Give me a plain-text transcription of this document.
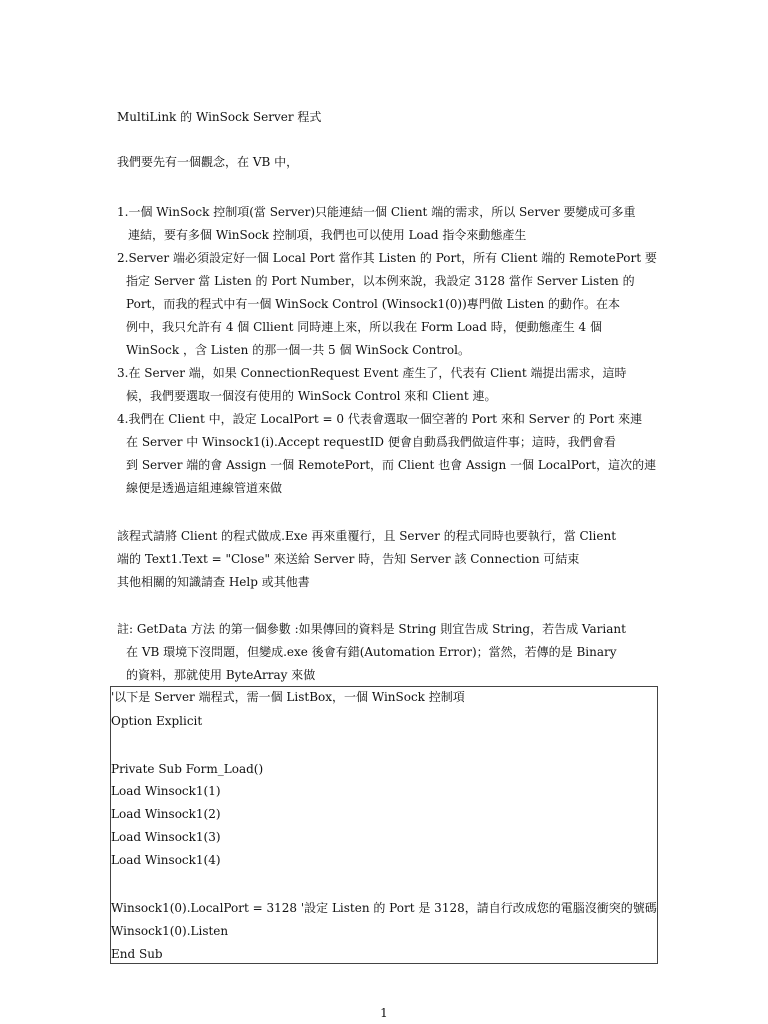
MultiLink 的 WinSock Server 程式
我們要先有一個觀念，在 VB 中，
1.一個 WinSock 控制項(當 Server)只能連結一個 Client 端的需求，所以 Server 要變成可多重
連結，要有多個 WinSock 控制項，我們也可以使用 Load 指令來動態產生
2.Server 端必須設定好一個 Local Port 當作其 Listen 的 Port，所有 Client 端的 RemotePort 要
指定 Server 當 Listen 的 Port Number，以本例來說，我設定 3128 當作 Server Listen 的
Port，而我的程式中有一個 WinSock Control (Winsock1(0))專門做 Listen 的動作。在本
例中，我只允許有 4 個 Cllient 同時連上來，所以我在 Form Load 時，便動態產生 4 個
WinSock ，含 Listen 的那一個一共 5 個 WinSock Control。
3.在 Server 端，如果 ConnectionRequest Event 產生了，代表有 Client 端提出需求，這時
候，我們要選取一個沒有使用的 WinSock Control 來和 Client 連。
4.我們在 Client 中，設定 LocalPort = 0 代表會選取一個空著的 Port 來和 Server 的 Port 來連
在 Server 中 Winsock1(i).Accept requestID 便會自動爲我們做這件事；這時，我們會看
到 Server 端的會 Assign 一個 RemotePort，而 Client 也會 Assign 一個 LocalPort，這次的連
線便是透過這組連線管道來做
該程式請將 Client 的程式做成.Exe 再來重覆行，且 Server 的程式同時也要執行，當 Client
端的 Text1.Text = "Close" 來送給 Server 時，告知 Server 該 Connection 可結束
其他相關的知識請查 Help 或其他書
註: GetData 方法 的第一個參數 :如果傳回的資料是 String 則宜告成 String，若告成 Variant
在 VB 環境下沒問題，但變成.exe 後會有錯(Automation Error)；當然，若傳的是 Binary
的資料，那就使用 ByteArray 來做
'以下是 Server 端程式，需一個 ListBox，一個 WinSock 控制項
Option Explicit
Private Sub Form_Load()
Load Winsock1(1)
Load Winsock1(2)
Load Winsock1(3)
Load Winsock1(4)
Winsock1(0).LocalPort = 3128 '設定 Listen 的 Port 是 3128，請自行改成您的電腦沒衝突的號碼
Winsock1(0).Listen
End Sub
1
